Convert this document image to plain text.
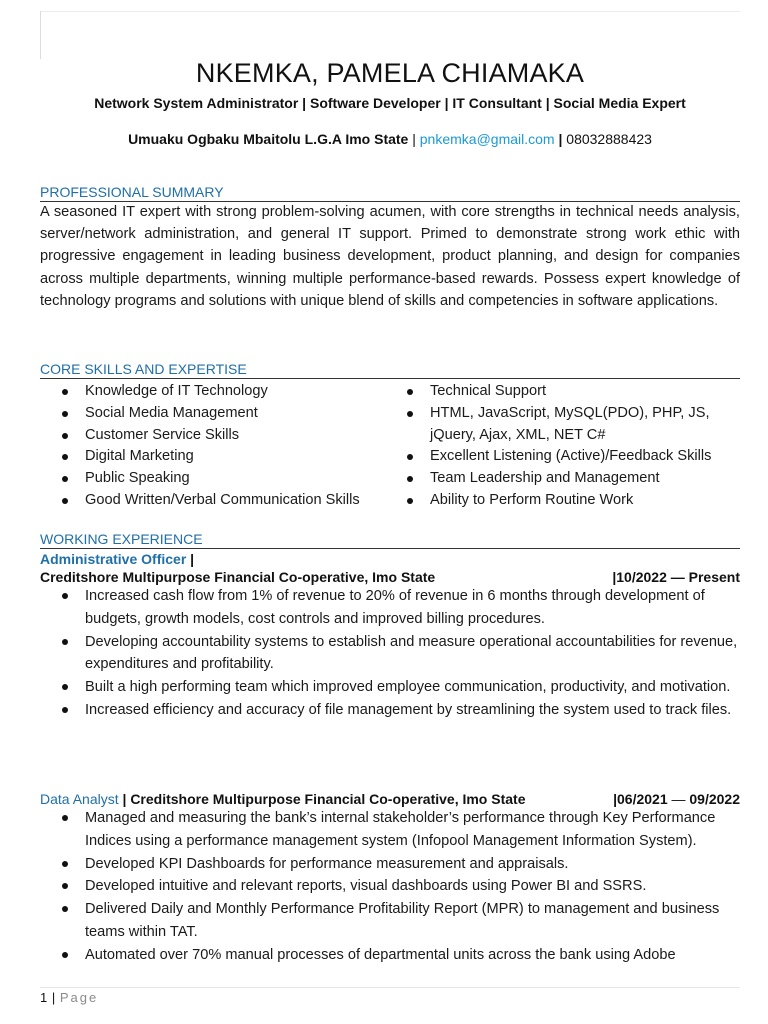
NKEMKA, PAMELA CHIAMAKA
Network System Administrator | Software Developer | IT Consultant | Social Media Expert
Umuaku Ogbaku Mbaitolu L.G.A Imo State | pnkemka@gmail.com | 08032888423
PROFESSIONAL SUMMARY
A seasoned IT expert with strong problem-solving acumen, with core strengths in technical needs analysis, server/network administration, and general IT support. Primed to demonstrate strong work ethic with progressive engagement in leading business development, product planning, and design for companies across multiple departments, winning multiple performance-based rewards. Possess expert knowledge of technology programs and solutions with unique blend of skills and competencies in software applications.
CORE SKILLS AND EXPERTISE
Knowledge of IT Technology
Social Media Management
Customer Service Skills
Digital Marketing
Public Speaking
Good Written/Verbal Communication Skills
Technical Support
HTML, JavaScript, MySQL(PDO), PHP, JS, jQuery, Ajax, XML, NET C#
Excellent Listening (Active)/Feedback Skills
Team Leadership and Management
Ability to Perform Routine Work
WORKING EXPERIENCE
Administrative Officer |
Creditshore Multipurpose Financial Co-operative, Imo State	|10/2022 — Present
Increased cash flow from 1% of revenue to 20% of revenue in 6 months through development of budgets, growth models, cost controls and improved billing procedures.
Developing accountability systems to establish and measure operational accountabilities for revenue, expenditures and profitability.
Built a high performing team which improved employee communication, productivity, and motivation.
Increased efficiency and accuracy of file management by streamlining the system used to track files.
Data Analyst | Creditshore Multipurpose Financial Co-operative, Imo State	|06/2021 — 09/2022
Managed and measuring the bank’s internal stakeholder’s performance through Key Performance Indices using a performance management system (Infopool Management Information System).
Developed KPI Dashboards for performance measurement and appraisals.
Developed intuitive and relevant reports, visual dashboards using Power BI and SSRS.
Delivered Daily and Monthly Performance Profitability Report (MPR) to management and business teams within TAT.
Automated over 70% manual processes of departmental units across the bank using Adobe
1 | Page
